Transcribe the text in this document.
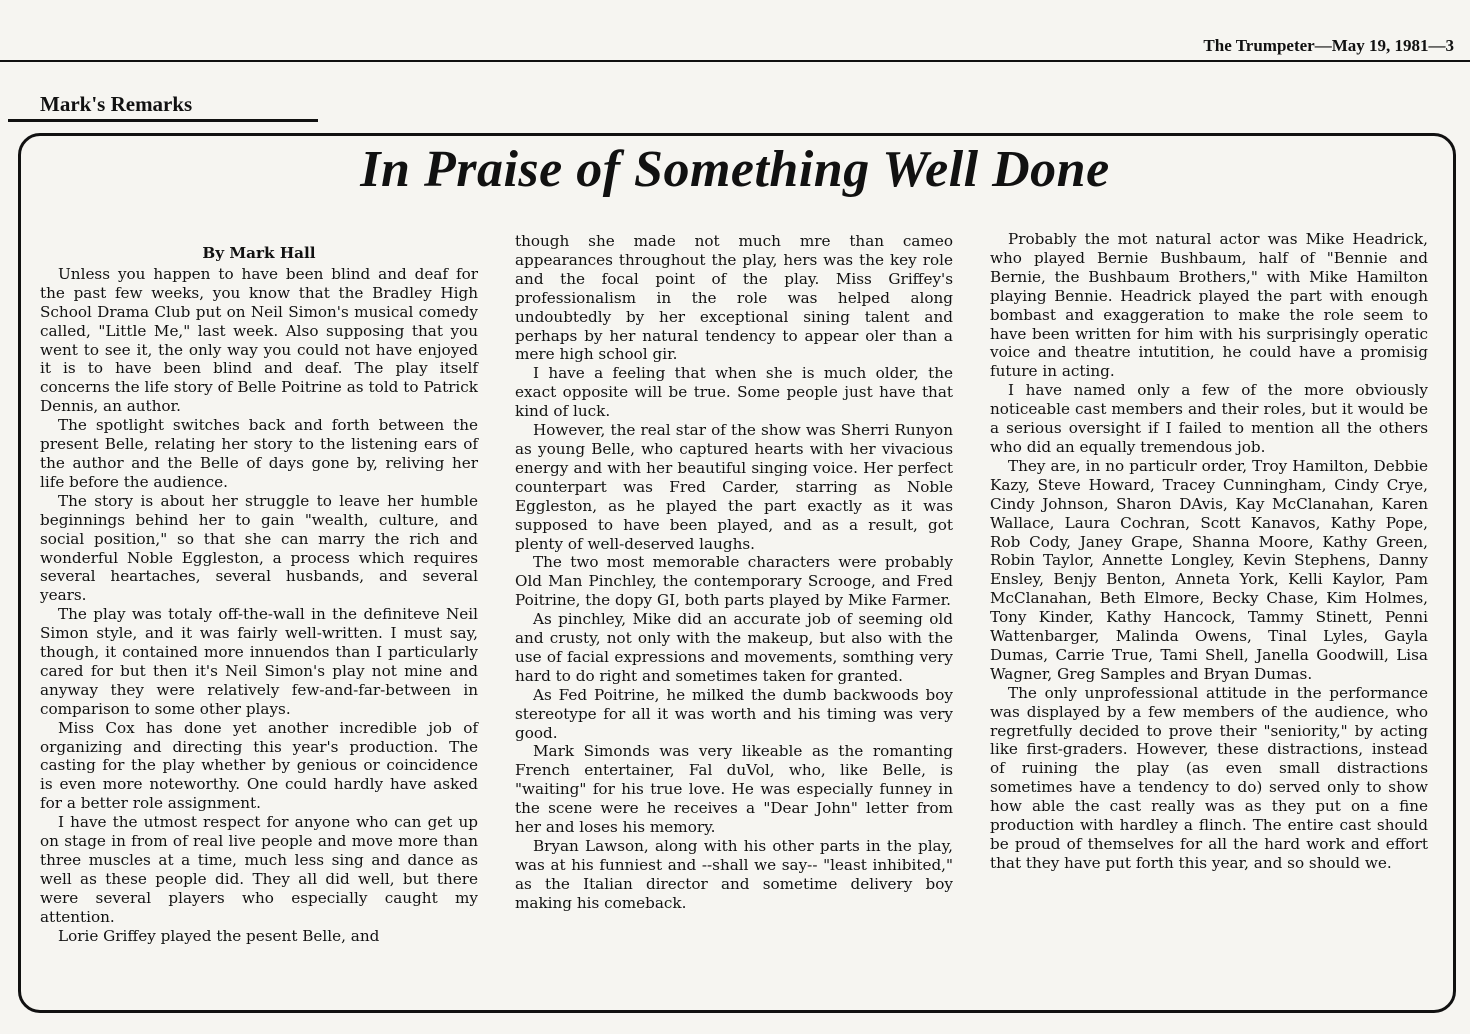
The Trumpeter—May 19, 1981—3
Mark's Remarks
In Praise of Something Well Done
By Mark Hall

Unless you happen to have been blind and deaf for the past few weeks, you know that the Bradley High School Drama Club put on Neil Simon's musical comedy called, "Little Me," last week. Also supposing that you went to see it, the only way you could not have enjoyed it is to have been blind and deaf. The play itself concerns the life story of Belle Poitrine as told to Patrick Dennis, an author.

The spotlight switches back and forth between the present Belle, relating her story to the listening ears of the author and the Belle of days gone by, reliving her life before the audience.

The story is about her struggle to leave her humble beginnings behind her to gain "wealth, culture, and social position," so that she can marry the rich and wonderful Noble Eggleston, a process which requires several heartaches, several husbands, and several years.

The play was totaly off-the-wall in the definiteve Neil Simon style, and it was fairly well-written. I must say, though, it contained more innuendos than I particularly cared for but then it's Neil Simon's play not mine and anyway they were relatively few-and-far-between in comparison to some other plays.

Miss Cox has done yet another incredible job of organizing and directing this year's production. The casting for the play whether by genious or coincidence is even more noteworthy. One could hardly have asked for a better role assignment.

I have the utmost respect for anyone who can get up on stage in from of real live people and move more than three muscles at a time, much less sing and dance as well as these people did. They all did well, but there were several players who especially caught my attention.

Lorie Griffey played the pesent Belle, and

though she made not much mre than cameo appearances throughout the play, hers was the key role and the focal point of the play. Miss Griffey's professionalism in the role was helped along undoubtedly by her exceptional sining talent and perhaps by her natural tendency to appear oler than a mere high school gir.

I have a feeling that when she is much older, the exact opposite will be true. Some people just have that kind of luck.

However, the real star of the show was Sherri Runyon as young Belle, who captured hearts with her vivacious energy and with her beautiful singing voice. Her perfect counterpart was Fred Carder, starring as Noble Eggleston, as he played the part exactly as it was supposed to have been played, and as a result, got plenty of well-deserved laughs.

The two most memorable characters were probably Old Man Pinchley, the contemporary Scrooge, and Fred Poitrine, the dopy GI, both parts played by Mike Farmer.

As pinchley, Mike did an accurate job of seeming old and crusty, not only with the makeup, but also with the use of facial expressions and movements, somthing very hard to do right and sometimes taken for granted.

As Fed Poitrine, he milked the dumb backwoods boy stereotype for all it was worth and his timing was very good.

Mark Simonds was very likeable as the romanting French entertainer, Fal duVol, who, like Belle, is "waiting" for his true love. He was especially funney in the scene were he receives a "Dear John" letter from her and loses his memory.

Bryan Lawson, along with his other parts in the play, was at his funniest and --shall we say-- "least inhibited," as the Italian director and sometime delivery boy making his comeback.

Probably the mot natural actor was Mike Headrick, who played Bernie Bushbaum, half of "Bennie and Bernie, the Bushbaum Brothers," with Mike Hamilton playing Bennie. Headrick played the part with enough bombast and exaggeration to make the role seem to have been written for him with his surprisingly operatic voice and theatre intutition, he could have a promisig future in acting.

I have named only a few of the more obviously noticeable cast members and their roles, but it would be a serious oversight if I failed to mention all the others who did an equally tremendous job.

They are, in no particulr order, Troy Hamilton, Debbie Kazy, Steve Howard, Tracey Cunningham, Cindy Crye, Cindy Johnson, Sharon DAvis, Kay McClanahan, Karen Wallace, Laura Cochran, Scott Kanavos, Kathy Pope, Rob Cody, Janey Grape, Shanna Moore, Kathy Green, Robin Taylor, Annette Longley, Kevin Stephens, Danny Ensley, Benjy Benton, Anneta York, Kelli Kaylor, Pam McClanahan, Beth Elmore, Becky Chase, Kim Holmes, Tony Kinder, Kathy Hancock, Tammy Stinett, Penni Wattenbarger, Malinda Owens, Tinal Lyles, Gayla Dumas, Carrie True, Tami Shell, Janella Goodwill, Lisa Wagner, Greg Samples and Bryan Dumas.

The only unprofessional attitude in the performance was displayed by a few members of the audience, who regretfully decided to prove their "seniority," by acting like first-graders. However, these distractions, instead of ruining the play (as even small distractions sometimes have a tendency to do) served only to show how able the cast really was as they put on a fine production with hardley a flinch. The entire cast should be proud of themselves for all the hard work and effort that they have put forth this year, and so should we.
